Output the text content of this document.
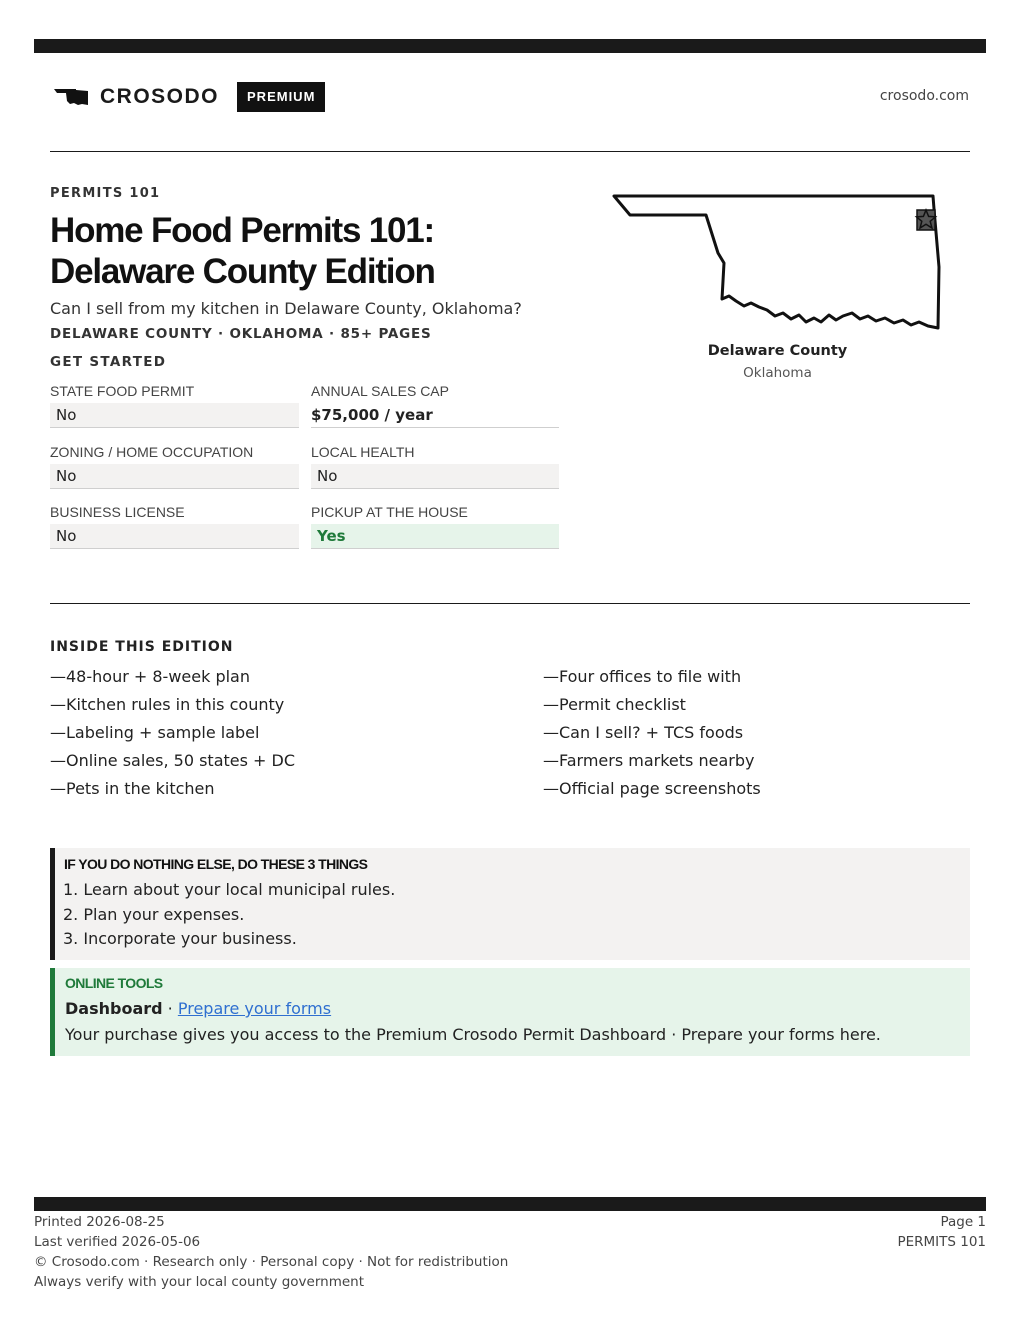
CROSODO	PREMIUM	crosodo.com
PERMITS 101
Home Food Permits 101:
Delaware County Edition
Can I sell from my kitchen in Delaware County, Oklahoma?
DELAWARE COUNTY · OKLAHOMA · 85+ PAGES
GET STARTED
STATE FOOD PERMIT
No
ANNUAL SALES CAP
$75,000 / year
ZONING / HOME OCCUPATION
No
LOCAL HEALTH
No
BUSINESS LICENSE
No
PICKUP AT THE HOUSE
Yes
Delaware County
Oklahoma
INSIDE THIS EDITION
—48-hour + 8-week plan
—Kitchen rules in this county
—Labeling + sample label
—Online sales, 50 states + DC
—Pets in the kitchen
—Four offices to file with
—Permit checklist
—Can I sell? + TCS foods
—Farmers markets nearby
—Official page screenshots
IF YOU DO NOTHING ELSE, DO THESE 3 THINGS
1. Learn about your local municipal rules.
2. Plan your expenses.
3. Incorporate your business.
ONLINE TOOLS
Dashboard · Prepare your forms
Your purchase gives you access to the Premium Crosodo Permit Dashboard · Prepare your forms here.
Printed 2026-08-25
Last verified 2026-05-06
© Crosodo.com · Research only · Personal copy · Not for redistribution
Always verify with your local county government
Page 1
PERMITS 101
